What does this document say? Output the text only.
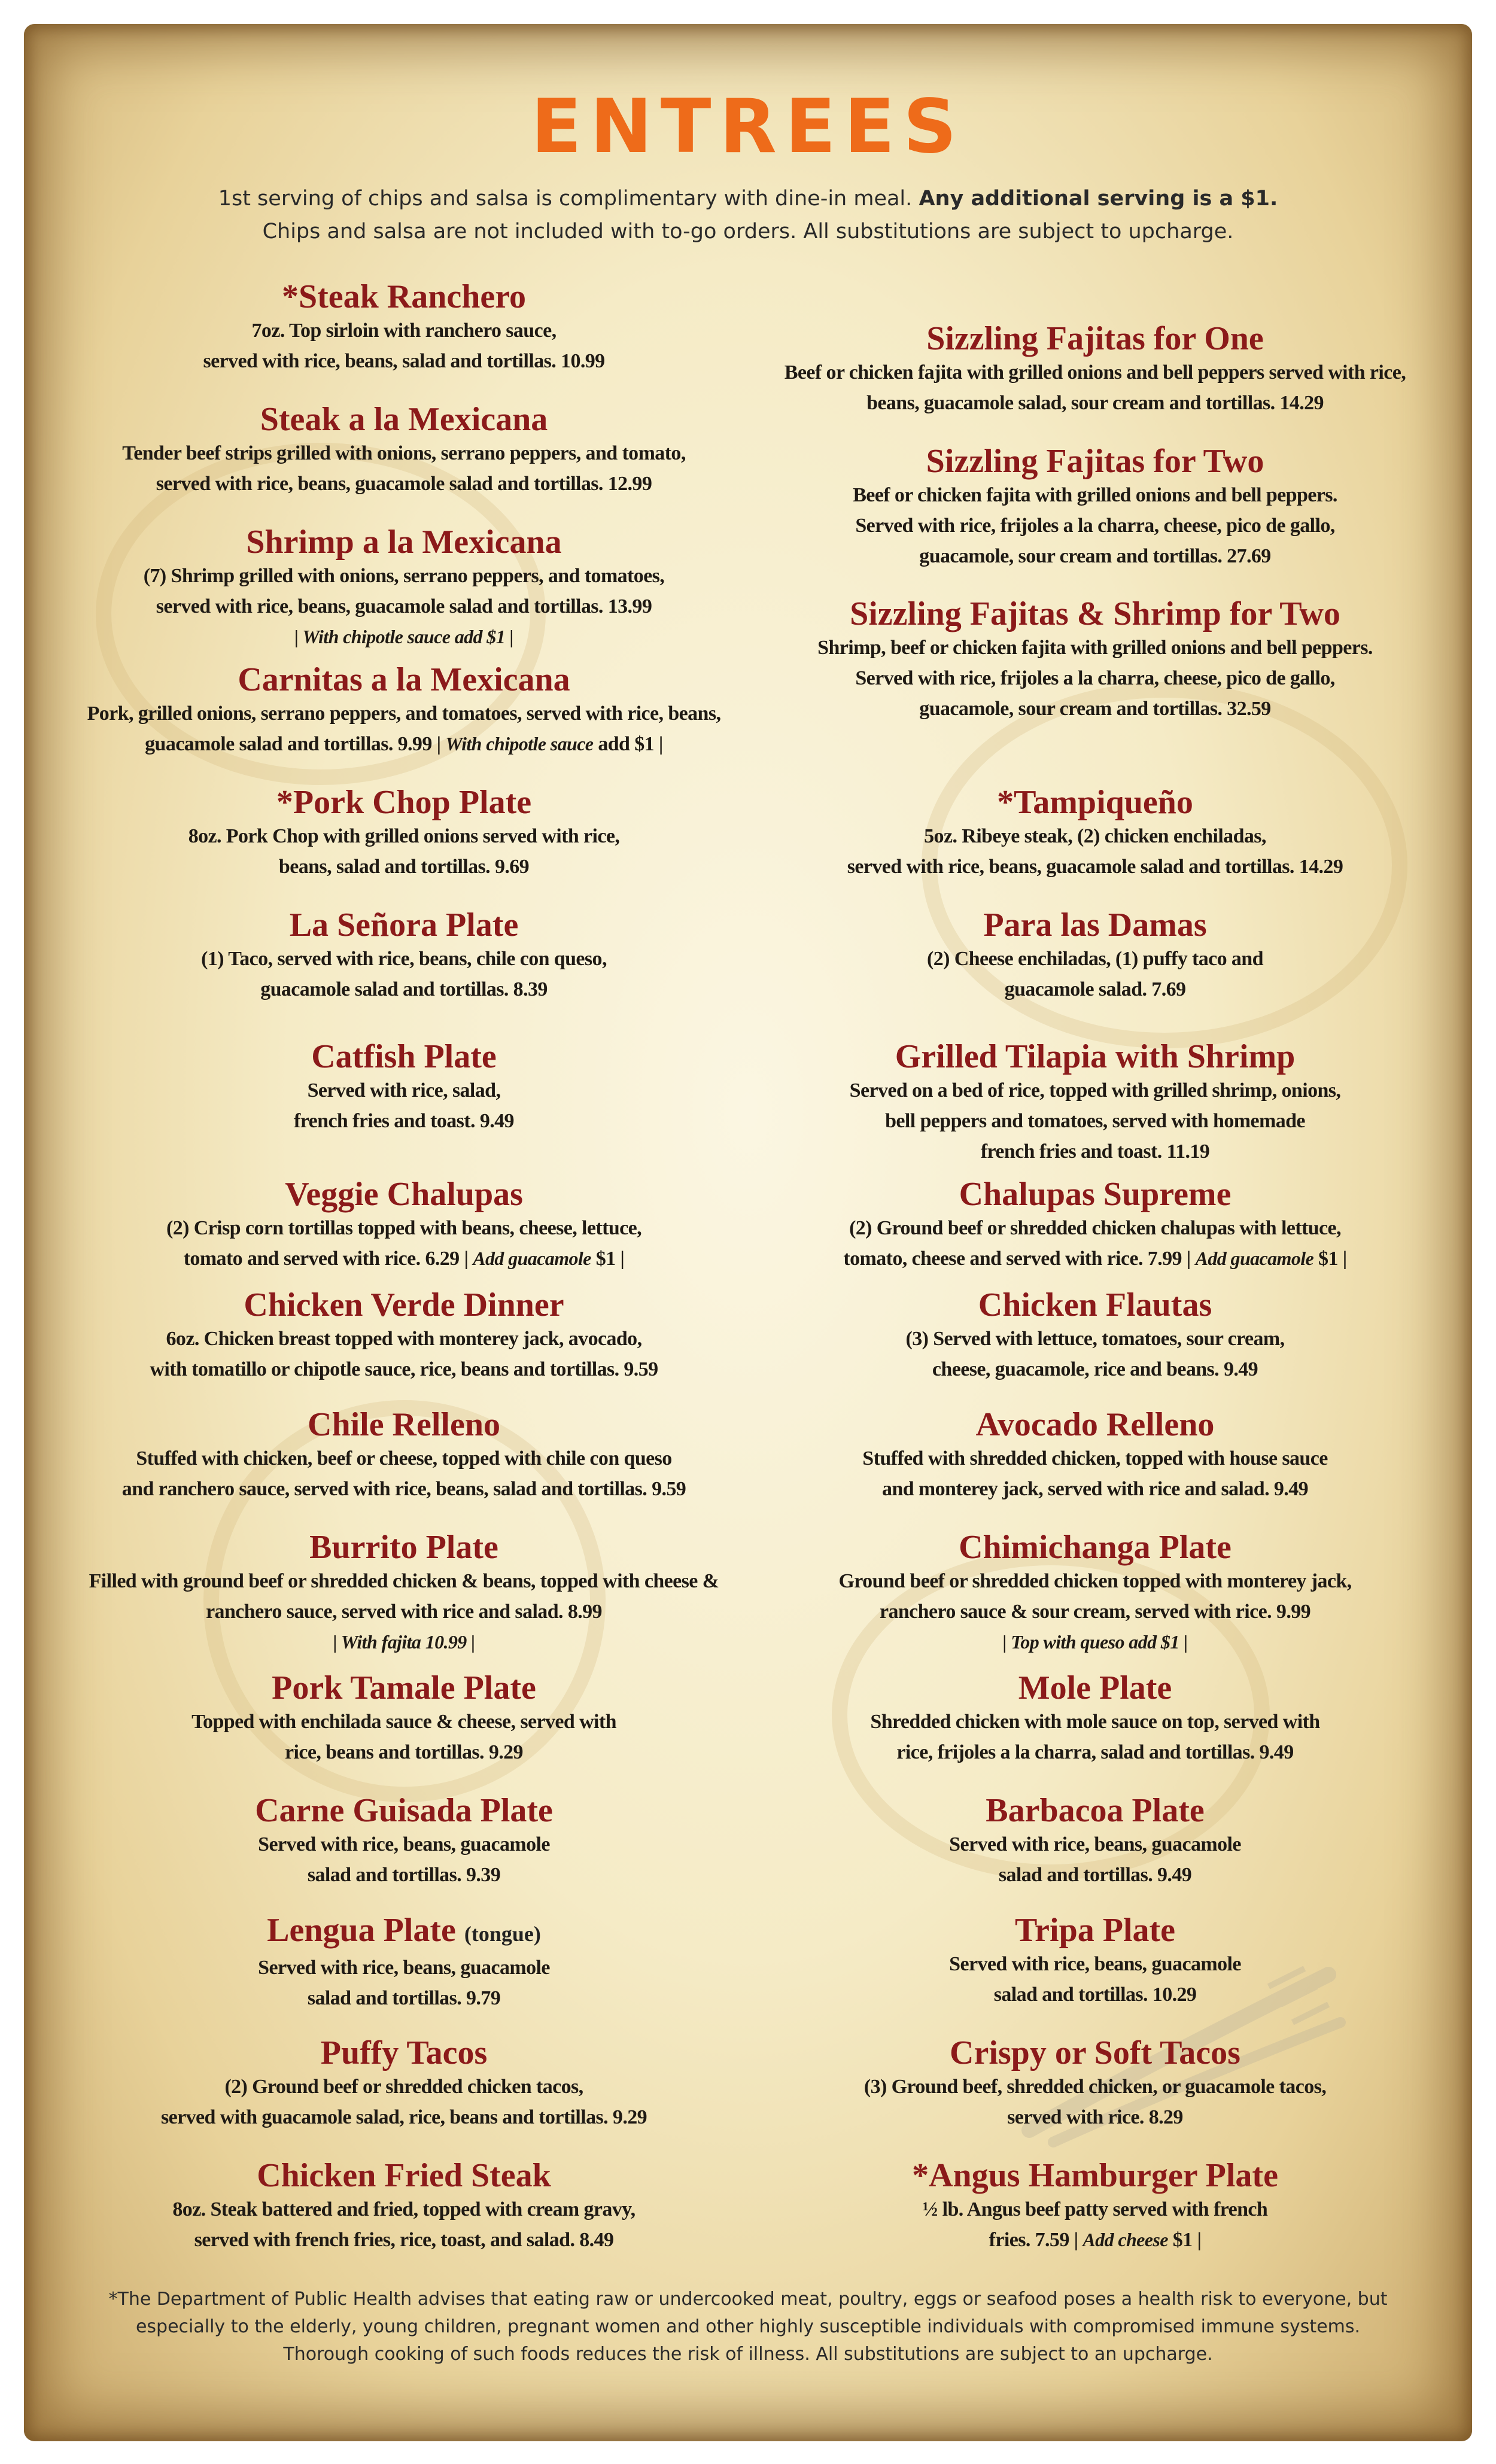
ENTREES
1st serving of chips and salsa is complimentary with dine-in meal. Any additional serving is a $1.
Chips and salsa are not included with to-go orders. All substitutions are subject to upcharge.
*Steak Ranchero

7oz. Top sirloin with ranchero sauce,

served with rice, beans, salad and tortillas. 10.99

Steak a la Mexicana

Tender beef strips grilled with onions, serrano peppers, and tomato,

served with rice, beans, guacamole salad and tortillas. 12.99

Shrimp a la Mexicana

(7) Shrimp grilled with onions, serrano peppers, and tomatoes,

served with rice, beans, guacamole salad and tortillas. 13.99

| With chipotle sauce add $1 |

Carnitas a la Mexicana

Pork, grilled onions, serrano peppers, and tomatoes, served with rice, beans,

guacamole salad and tortillas. 9.99 | With chipotle sauce add $1 |

*Pork Chop Plate

8oz. Pork Chop with grilled onions served with rice,

beans, salad and tortillas. 9.69

La Señora Plate

(1) Taco, served with rice, beans, chile con queso,

guacamole salad and tortillas. 8.39

Catfish Plate

Served with rice, salad,

french fries and toast. 9.49

Veggie Chalupas

(2) Crisp corn tortillas topped with beans, cheese, lettuce,

tomato and served with rice. 6.29 | Add guacamole $1 |

Chicken Verde Dinner

6oz. Chicken breast topped with monterey jack, avocado,

with tomatillo or chipotle sauce, rice, beans and tortillas. 9.59

Chile Relleno

Stuffed with chicken, beef or cheese, topped with chile con queso

and ranchero sauce, served with rice, beans, salad and tortillas. 9.59

Burrito Plate

Filled with ground beef or shredded chicken & beans, topped with cheese &

ranchero sauce, served with rice and salad. 8.99

| With fajita 10.99 |

Pork Tamale Plate

Topped with enchilada sauce & cheese, served with

rice, beans and tortillas. 9.29

Carne Guisada Plate

Served with rice, beans, guacamole

salad and tortillas. 9.39

Lengua Plate (tongue)

Served with rice, beans, guacamole

salad and tortillas. 9.79

Puffy Tacos

(2) Ground beef or shredded chicken tacos,

served with guacamole salad, rice, beans and tortillas. 9.29

Chicken Fried Steak

8oz. Steak battered and fried, topped with cream gravy,

served with french fries, rice, toast, and salad. 8.49

Sizzling Fajitas for One

Beef or chicken fajita with grilled onions and bell peppers served with rice,

beans, guacamole salad, sour cream and tortillas. 14.29

Sizzling Fajitas for Two

Beef or chicken fajita with grilled onions and bell peppers.

Served with rice, frijoles a la charra, cheese, pico de gallo,

guacamole, sour cream and tortillas. 27.69

Sizzling Fajitas & Shrimp for Two

Shrimp, beef or chicken fajita with grilled onions and bell peppers.

Served with rice, frijoles a la charra, cheese, pico de gallo,

guacamole, sour cream and tortillas. 32.59

*Tampiqueño

5oz. Ribeye steak, (2) chicken enchiladas,

served with rice, beans, guacamole salad and tortillas. 14.29

Para las Damas

(2) Cheese enchiladas, (1) puffy taco and

guacamole salad. 7.69

Grilled Tilapia with Shrimp

Served on a bed of rice, topped with grilled shrimp, onions,

bell peppers and tomatoes, served with homemade

french fries and toast. 11.19

Chalupas Supreme

(2) Ground beef or shredded chicken chalupas with lettuce,

tomato, cheese and served with rice. 7.99 | Add guacamole $1 |

Chicken Flautas

(3) Served with lettuce, tomatoes, sour cream,

cheese, guacamole, rice and beans. 9.49

Avocado Relleno

Stuffed with shredded chicken, topped with house sauce

and monterey jack, served with rice and salad. 9.49

Chimichanga Plate

Ground beef or shredded chicken topped with monterey jack,

ranchero sauce & sour cream, served with rice. 9.99

| Top with queso add $1 |

Mole Plate

Shredded chicken with mole sauce on top, served with

rice, frijoles a la charra, salad and tortillas. 9.49

Barbacoa Plate

Served with rice, beans, guacamole

salad and tortillas. 9.49

Tripa Plate

Served with rice, beans, guacamole

salad and tortillas. 10.29

Crispy or Soft Tacos

(3) Ground beef, shredded chicken, or guacamole tacos,

served with rice. 8.29

*Angus Hamburger Plate

½ lb. Angus beef patty served with french

fries. 7.59 | Add cheese $1 |

*The Department of Public Health advises that eating raw or undercooked meat, poultry, eggs or seafood poses a health risk to everyone, but
especially to the elderly, young children, pregnant women and other highly susceptible individuals with compromised immune systems.
Thorough cooking of such foods reduces the risk of illness. All substitutions are subject to an upcharge.
